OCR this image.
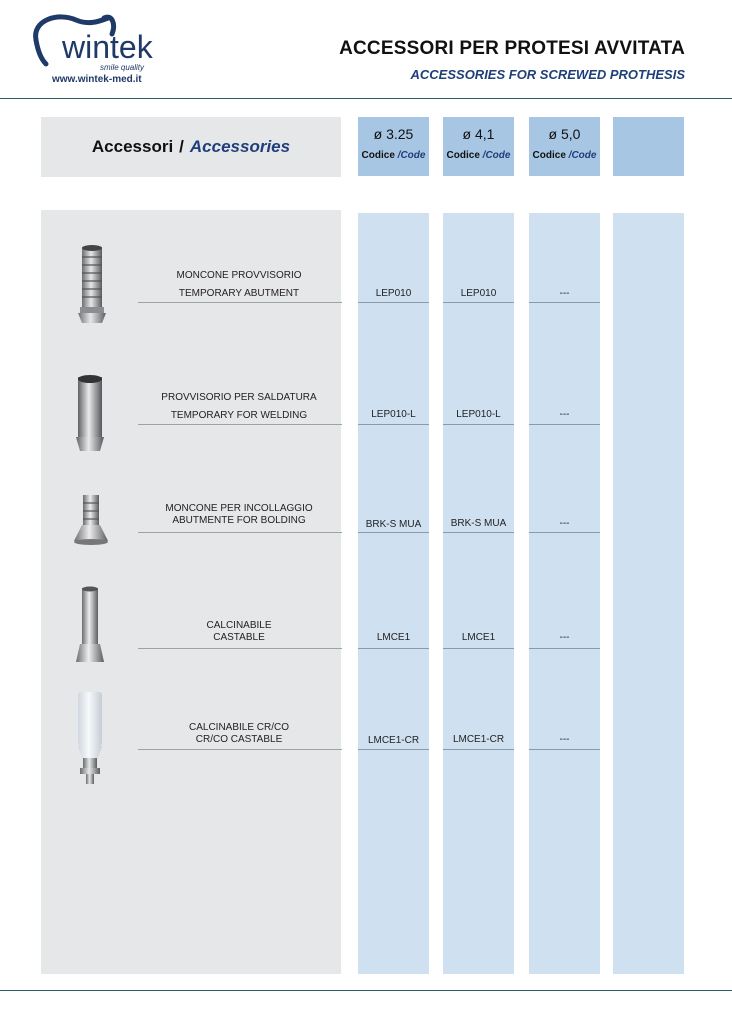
wintek
smile quality
www.wintek-med.it
ACCESSORI PER PROTESI AVVITATA
ACCESSORIES FOR SCREWED PROTHESIS
Accessori / Accessories
ø 3.25
Codice /Code
ø 4,1
Codice /Code
ø 5,0
Codice /Code
MONCONE PROVVISORIO
TEMPORARY ABUTMENT	LEP010	LEP010	---
PROVVISORIO PER SALDATURA
TEMPORARY FOR WELDING	LEP010-L	LEP010-L	---
MONCONE PER INCOLLAGGIO
ABUTMENTE FOR BOLDING	BRK-S MUA	BRK-S MUA	---
CALCINABILE
CASTABLE	LMCE1	LMCE1	---
CALCINABILE CR/CO
CR/CO CASTABLE	LMCE1-CR	LMCE1-CR	---
